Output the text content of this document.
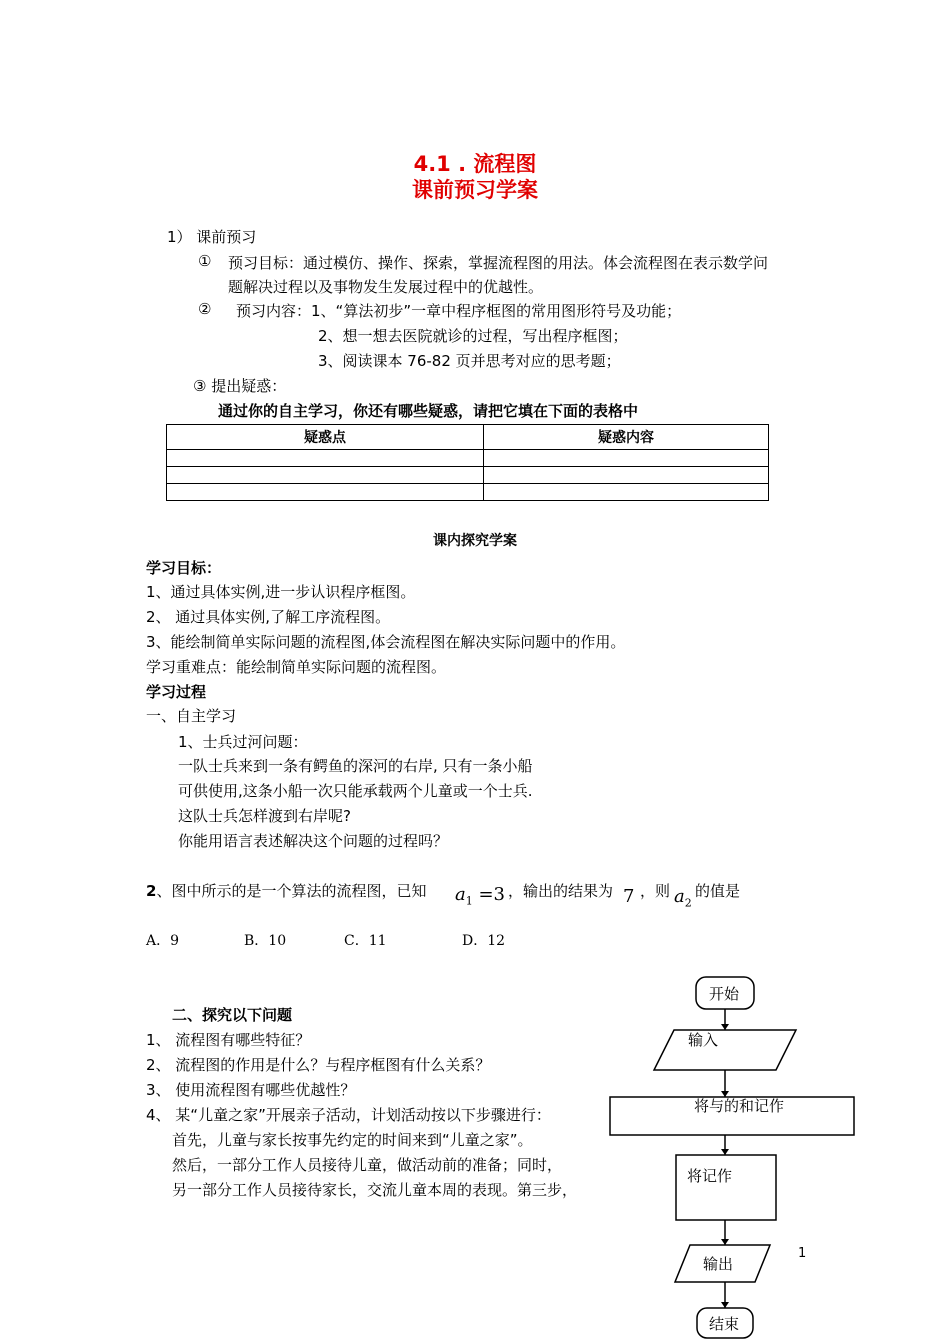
4.1 . 流程图
课前预习学案
1） 课前预习
① 预习目标：通过模仿、操作、探索，掌握流程图的用法。体会流程图在表示数学问
题解决过程以及事物发生发展过程中的优越性。
② 预习内容：1、“算法初步”一章中程序框图的常用图形符号及功能；
2、想一想去医院就诊的过程，写出程序框图；
3、阅读课本 76-82 页并思考对应的思考题；
③ 提出疑惑：
通过你的自主学习，你还有哪些疑惑，请把它填在下面的表格中
疑惑点	疑惑内容

课内探究学案
学习目标：
1、通过具体实例,进一步认识程序框图。
2、 通过具体实例,了解工序流程图。
3、能绘制简单实际问题的流程图,体会流程图在解决实际问题中的作用。
学习重难点：能绘制简单实际问题的流程图。
学习过程
一、自主学习
1、士兵过河问题：
一队士兵来到一条有鳄鱼的深河的右岸, 只有一条小船
可供使用,这条小船一次只能承载两个儿童或一个士兵.
这队士兵怎样渡到右岸呢?
你能用语言表述解决这个问题的过程吗？
2、图中所示的是一个算法的流程图，已知 $a_1 =3$ ，输出的结果为 7 ，则 $a_2$
的值是
A．9	B．10	C．11	D．12
二、探究以下问题
1、 流程图有哪些特征？
2、 流程图的作用是什么？与程序框图有什么关系？
3、 使用流程图有哪些优越性？
4、 某“儿童之家”开展亲子活动，计划活动按以下步骤进行：
首先，儿童与家长按事先约定的时间来到“儿童之家”。
然后，一部分工作人员接待儿童，做活动前的准备；同时，
另一部分工作人员接待家长，交流儿童本周的表现。第三步，
开始
输入
将与的和记作
将记作
输出
结束
1
